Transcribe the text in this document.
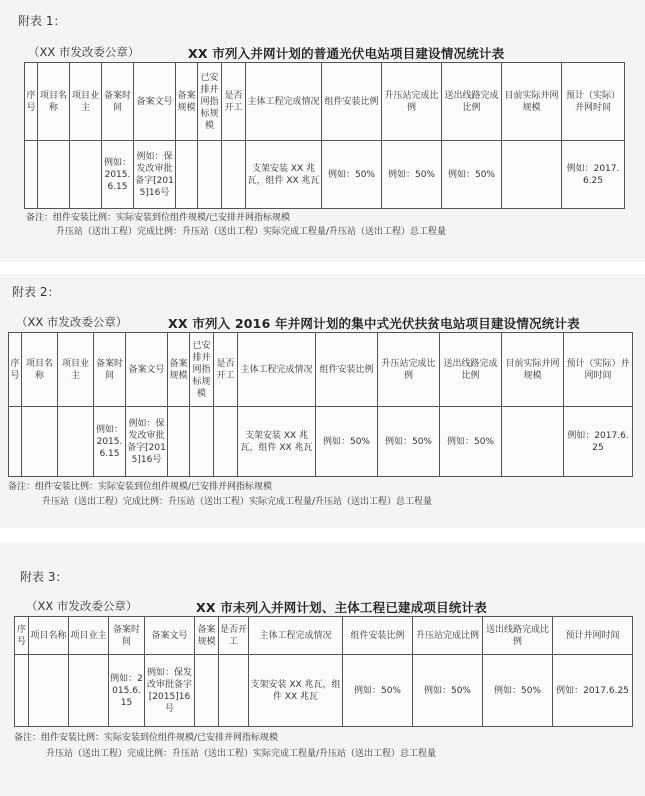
附表 1：
（XX 市发改委公章）	XX 市列入并网计划的普通光伏电站项目建设情况统计表
序号	项目名称	项目业主	备案时间	备案文号	备案规模	已安排并网指标规模	是否开工	主体工程完成情况	组件安装比例	升压站完成比例	送出线路完成比例	目前实际并网规模	预计（实际）并网时间
			例如：2015.6.15	例如：保发改审批备字[2015]16号				支架安装 XX 兆瓦，组件 XX 兆瓦	例如：50%	例如：50%	例如：50%		例如：2017.6.25
备注：组件安装比例：实际安装到位组件规模/已安排并网指标规模
升压站（送出工程）完成比例：升压站（送出工程）实际完成工程量/升压站（送出工程）总工程量
附表 2：
（XX 市发改委公章）	XX 市列入 2016 年并网计划的集中式光伏扶贫电站项目建设情况统计表
序号	项目名称	项目业主	备案时间	备案文号	备案规模	已安排并网指标规模	是否开工	主体工程完成情况	组件安装比例	升压站完成比例	送出线路完成比例	目前实际并网规模	预计（实际）并网时间
			例如：2015.6.15	例如：保发改审批备字[2015]16号				支架安装 XX 兆瓦，组件 XX 兆瓦	例如：50%	例如：50%	例如：50%		例如：2017.6.25
备注：组件安装比例：实际安装到位组件规模/已安排并网指标规模
升压站（送出工程）完成比例：升压站（送出工程）实际完成工程量/升压站（送出工程）总工程量
附表 3：
（XX 市发改委公章）	XX 市未列入并网计划、主体工程已建成项目统计表
序号	项目名称	项目业主	备案时间	备案文号	备案规模	是否开工	主体工程完成情况	组件安装比例	升压站完成比例	送出线路完成比例	预计并网时间
			例如：2015.6.15	例如：保发改审批备字[2015]16号			支架安装 XX 兆瓦，组件 XX 兆瓦	例如：50%	例如：50%	例如：50%	例如：2017.6.25
备注：组件安装比例：实际安装到位组件规模/已安排并网指标规模
升压站（送出工程）完成比例：升压站（送出工程）实际完成工程量/升压站（送出工程）总工程量
